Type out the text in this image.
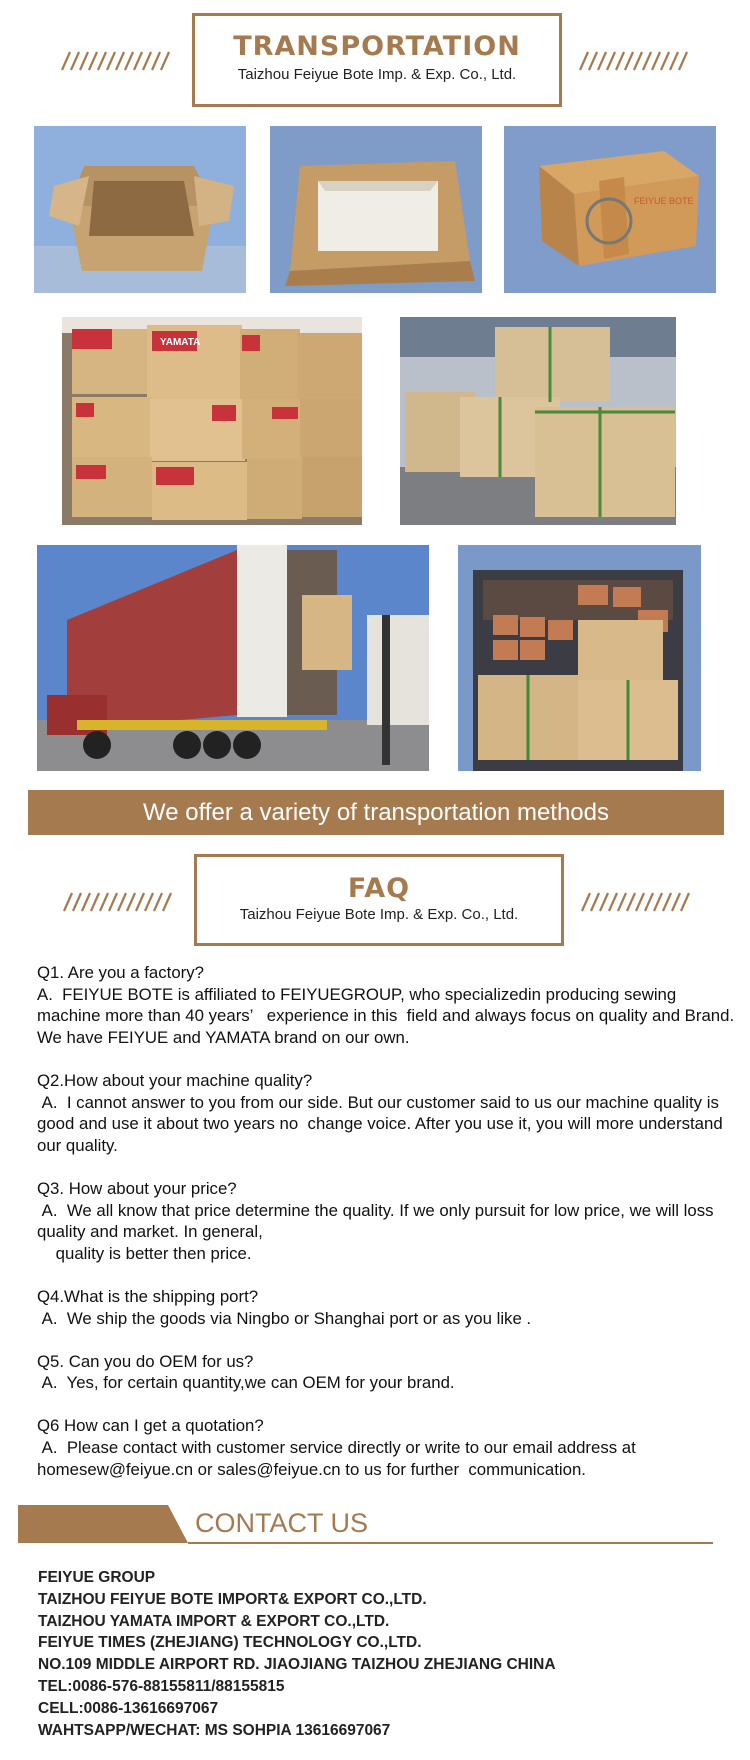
TRANSPORTATION
Taizhou Feiyue Bote Imp. & Exp. Co., Ltd.
FEIYUE BOTE
YAMATA
We offer a variety of transportation methods
FAQ
Taizhou Feiyue Bote Imp. & Exp. Co., Ltd.
Q1. Are you a factory?
A.  FEIYUE BOTE is affiliated to FEIYUEGROUP, who specializedin producing sewing machine more than 40 years’   experience in this  field and always focus on quality and Brand. We have FEIYUE and YAMATA brand on our own.
Q2.How about your machine quality?
A.  I cannot answer to you from our side. But our customer said to us our machine quality is good and use it about two years no  change voice. After you use it, you will more understand our quality.
Q3. How about your price?
A.  We all know that price determine the quality. If we only pursuit for low price, we will loss quality and market. In general,
quality is better then price.
Q4.What is the shipping port?
A.  We ship the goods via Ningbo or Shanghai port or as you like .
Q5. Can you do OEM for us?
A.  Yes, for certain quantity,we can OEM for your brand.
Q6 How can I get a quotation?
A.  Please contact with customer service directly or write to our email address at homesew@feiyue.cn or sales@feiyue.cn to us for further  communication.
CONTACT US
FEIYUE GROUP
TAIZHOU FEIYUE BOTE IMPORT& EXPORT CO.,LTD.
TAIZHOU YAMATA IMPORT & EXPORT CO.,LTD.
FEIYUE TIMES (ZHEJIANG) TECHNOLOGY CO.,LTD.
NO.109 MIDDLE AIRPORT RD. JIAOJIANG TAIZHOU ZHEJIANG CHINA
TEL:0086-576-88155811/88155815
CELL:0086-13616697067
WAHTSAPP/WECHAT: MS SOHPIA 13616697067
